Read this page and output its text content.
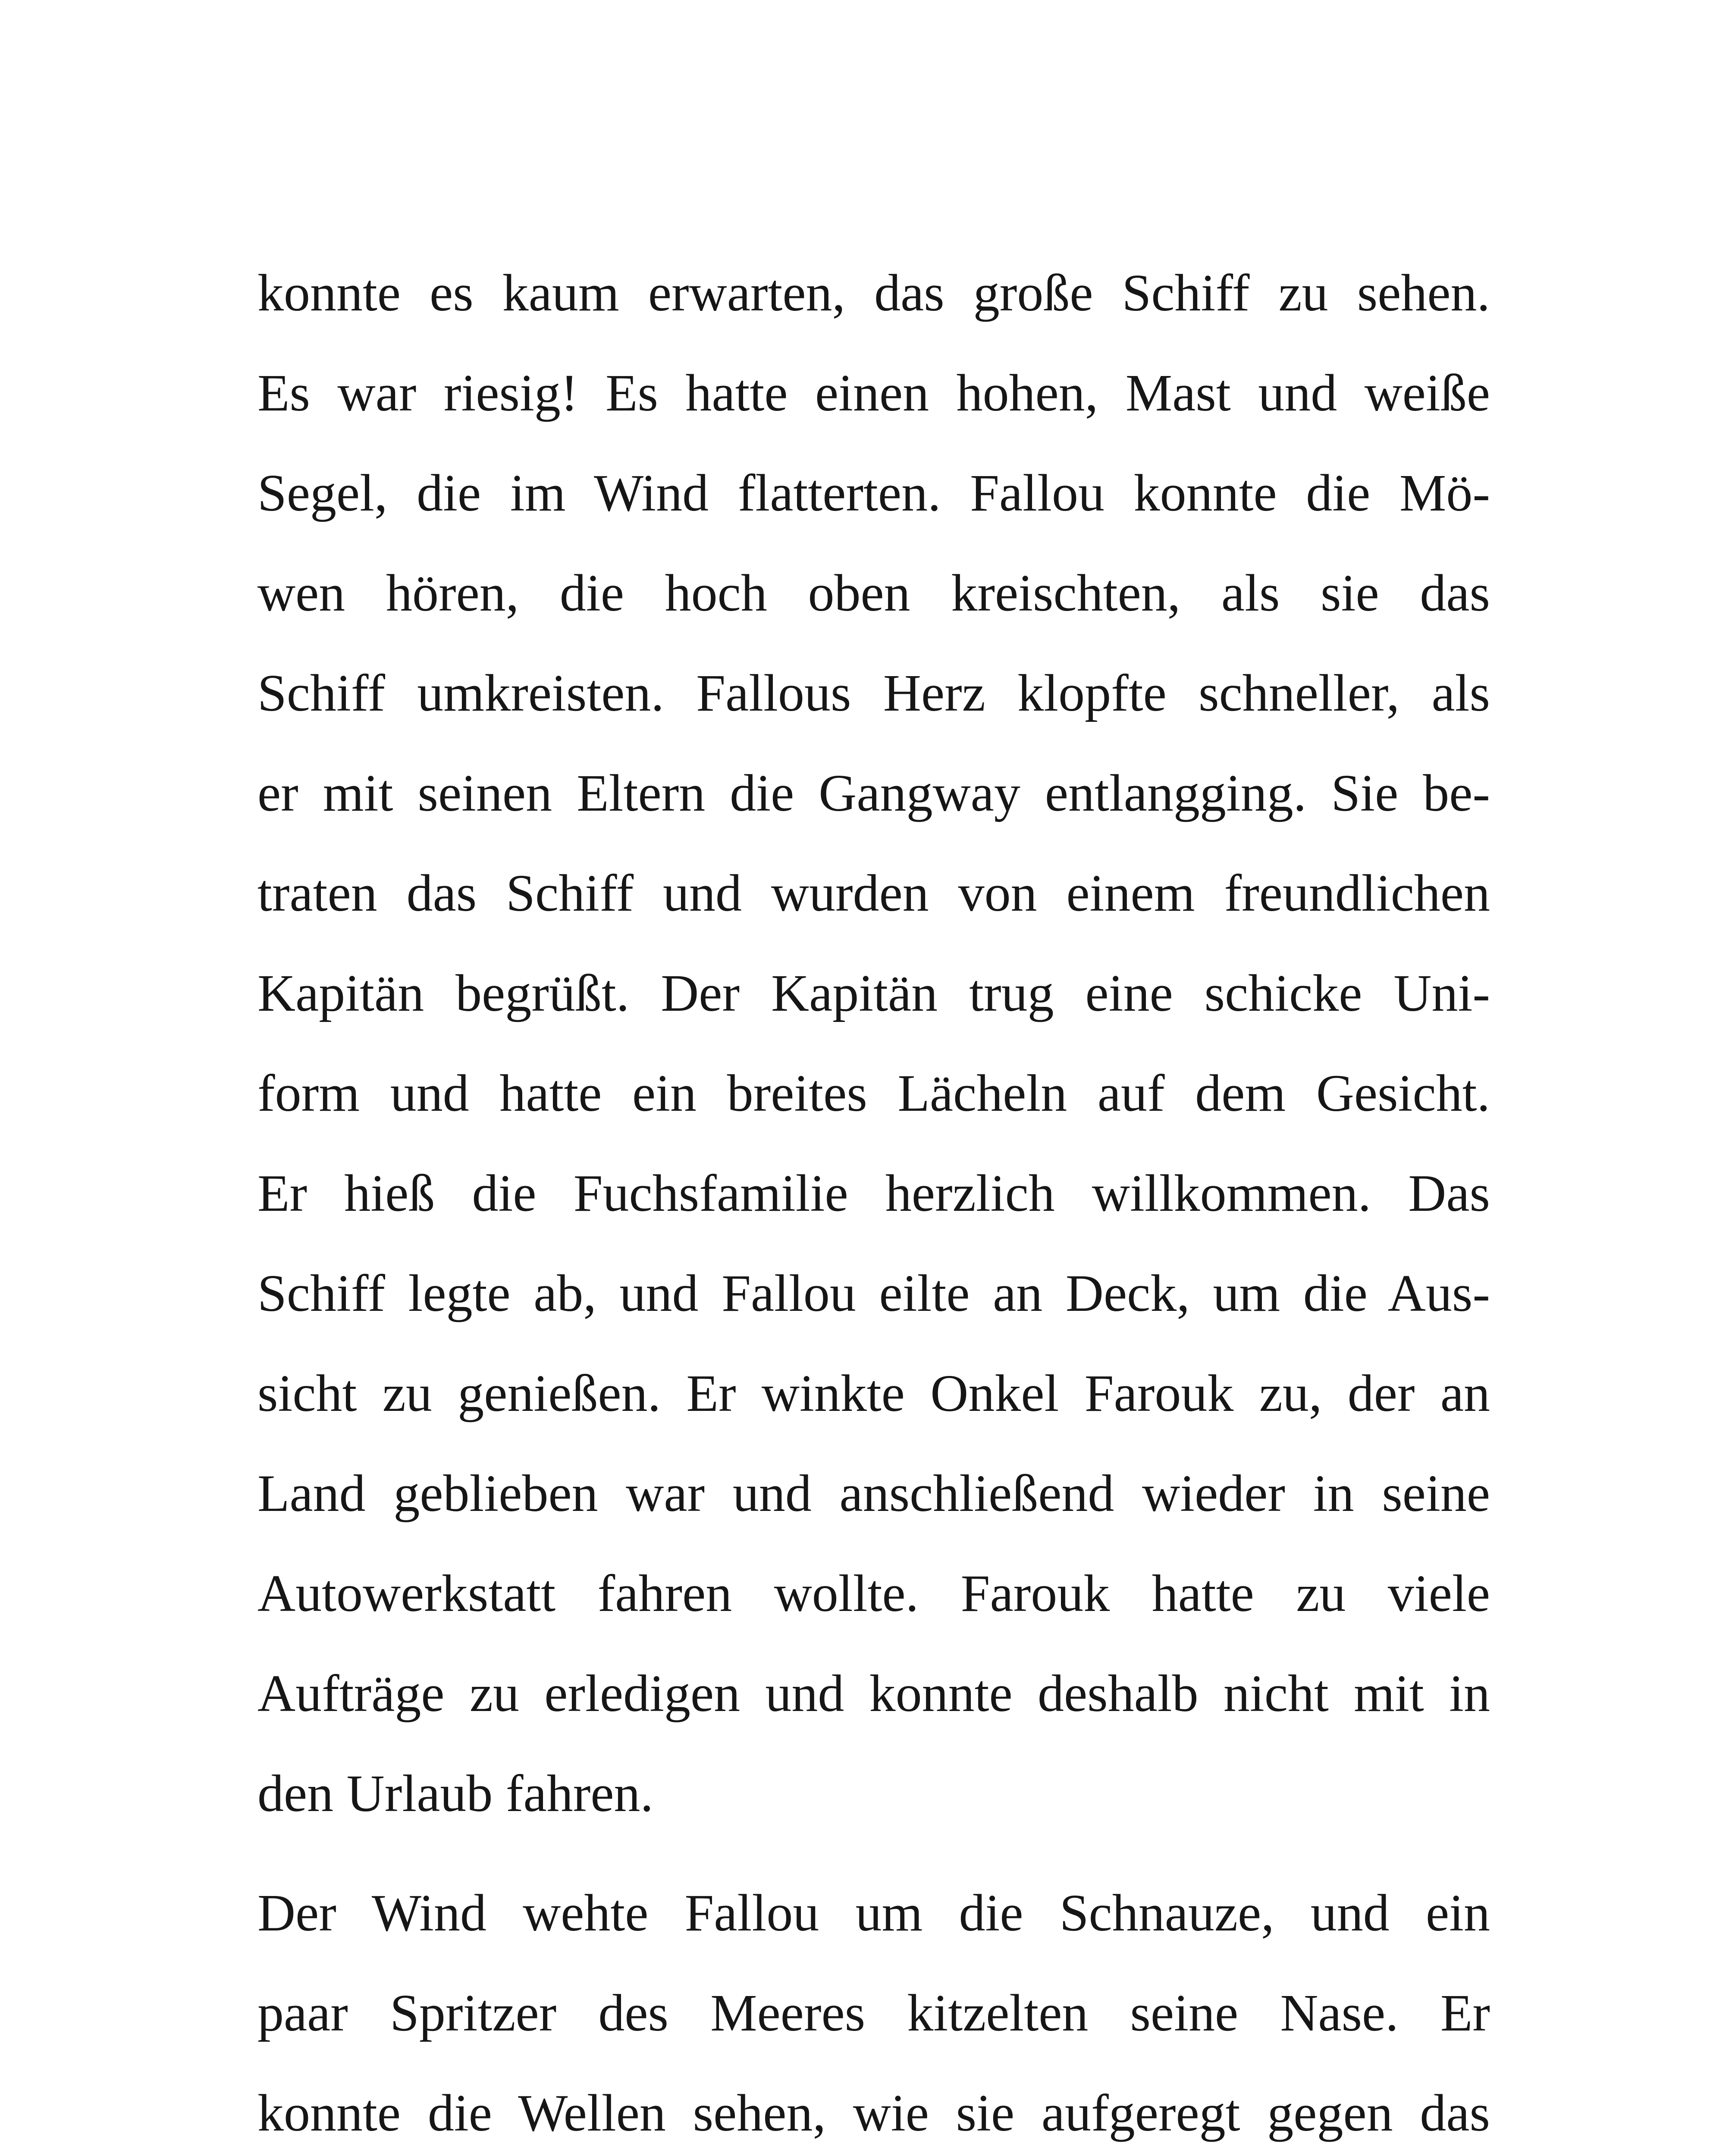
konnte es kaum erwarten, das große Schiff zu sehen.
Es war riesig! Es hatte einen hohen, Mast und weiße
Segel, die im Wind flatterten. Fallou konnte die Mö-
wen hören, die hoch oben kreischten, als sie das
Schiff umkreisten. Fallous Herz klopfte schneller, als
er mit seinen Eltern die Gangway entlangging. Sie be-
traten das Schiff und wurden von einem freundlichen
Kapitän begrüßt. Der Kapitän trug eine schicke Uni-
form und hatte ein breites Lächeln auf dem Gesicht.
Er hieß die Fuchsfamilie herzlich willkommen. Das
Schiff legte ab, und Fallou eilte an Deck, um die Aus-
sicht zu genießen. Er winkte Onkel Farouk zu, der an
Land geblieben war und anschließend wieder in seine
Autowerkstatt fahren wollte. Farouk hatte zu viele
Aufträge zu erledigen und konnte deshalb nicht mit in
den Urlaub fahren.
Der Wind wehte Fallou um die Schnauze, und ein
paar Spritzer des Meeres kitzelten seine Nase. Er
konnte die Wellen sehen, wie sie aufgeregt gegen das
